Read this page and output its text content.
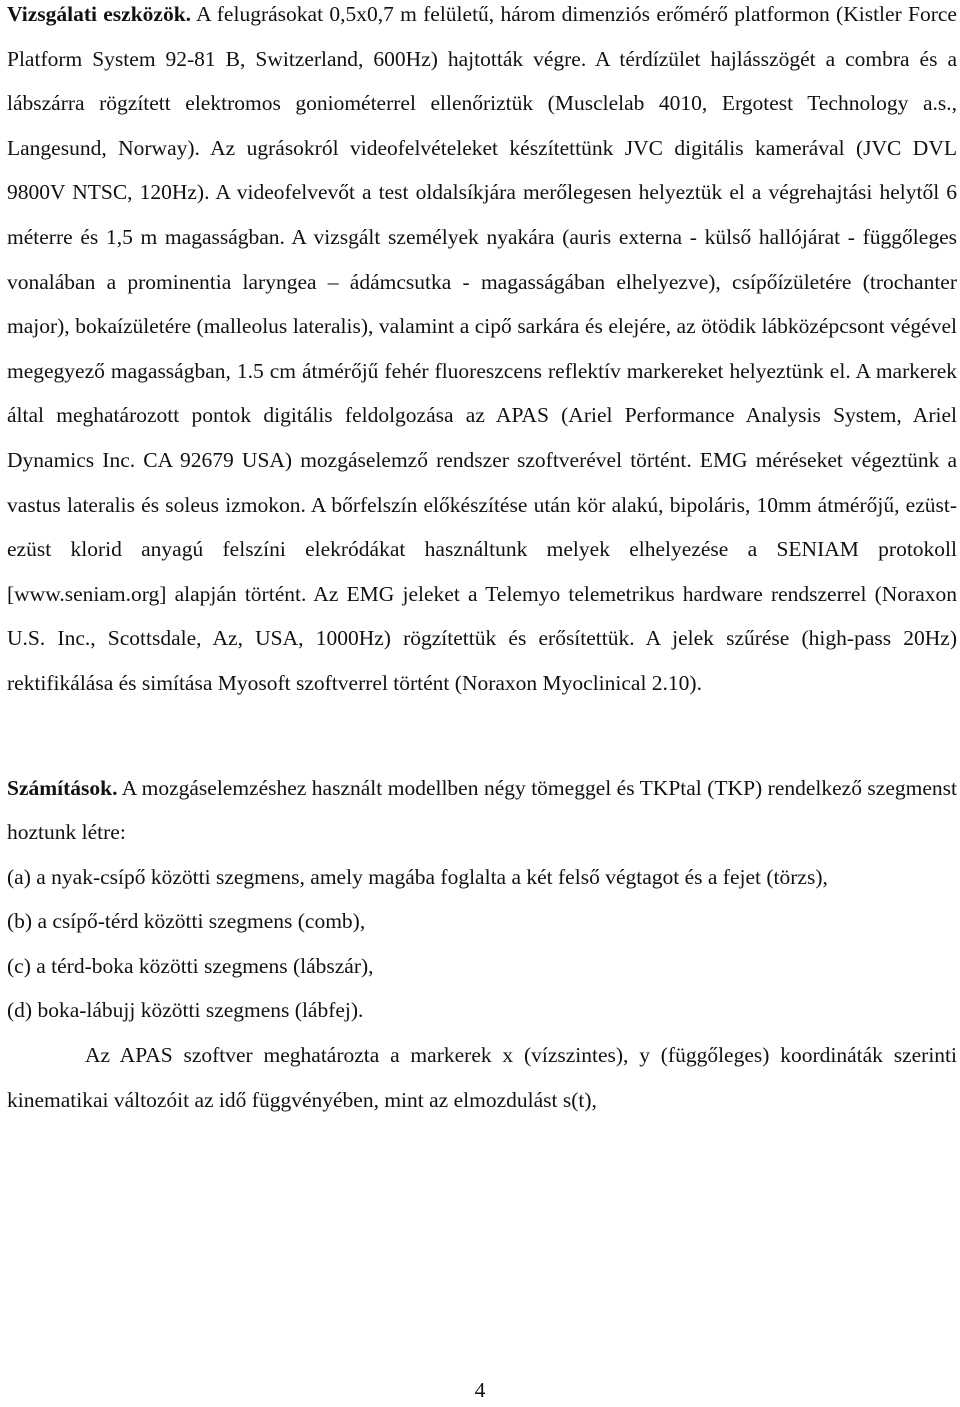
Vizsgálati eszközök. A felugrásokat 0,5x0,7 m felületű, három dimenziós erőmérő platformon (Kistler Force Platform System 92-81 B, Switzerland, 600Hz) hajtották végre. A térdízület hajlásszögét a combra és a lábszárra rögzített elektromos goniométerrel ellenőriztük (Musclelab 4010, Ergotest Technology a.s., Langesund, Norway). Az ugrásokról videofelvételeket készítettünk JVC digitális kamerával (JVC DVL 9800V NTSC, 120Hz). A videofelvevőt a test oldalsíkjára merőlegesen helyeztük el a végrehajtási helytől 6 méterre és 1,5 m magasságban. A vizsgált személyek nyakára (auris externa - külső hallójárat - függőleges vonalában a prominentia laryngea – ádámcsutka - magasságában elhelyezve), csípőízületére (trochanter major), bokaízületére (malleolus lateralis), valamint a cipő sarkára és elejére, az ötödik lábközépcsont végével megegyező magasságban, 1.5 cm átmérőjű fehér fluoreszcens reflektív markereket helyeztünk el. A markerek által meghatározott pontok digitális feldolgozása az APAS (Ariel Performance Analysis System, Ariel Dynamics Inc. CA 92679 USA) mozgáselemző rendszer szoftverével történt. EMG méréseket végeztünk a vastus lateralis és soleus izmokon. A bőrfelszín előkészítése után kör alakú, bipoláris, 10mm átmérőjű, ezüst-ezüst klorid anyagú felszíni elekródákat használtunk melyek elhelyezése a SENIAM protokoll [www.seniam.org] alapján történt. Az EMG jeleket a Telemyo telemetrikus hardware rendszerrel (Noraxon U.S. Inc., Scottsdale, Az, USA, 1000Hz) rögzítettük és erősítettük. A jelek szűrése (high-pass 20Hz) rektifikálása és simítása Myosoft szoftverrel történt (Noraxon Myoclinical 2.10).

Számítások. A mozgáselemzéshez használt modellben négy tömeggel és TKPtal (TKP) rendelkező szegmenst hoztunk létre:

(a) a nyak-csípő közötti szegmens, amely magába foglalta a két felső végtagot és a fejet (törzs),

(b) a csípő-térd közötti szegmens (comb),

(c) a térd-boka közötti szegmens (lábszár),

(d) boka-lábujj közötti szegmens (lábfej).

Az APAS szoftver meghatározta a markerek x (vízszintes), y (függőleges) koordináták szerinti kinematikai változóit az idő függvényében, mint az elmozdulást s(t),

4
